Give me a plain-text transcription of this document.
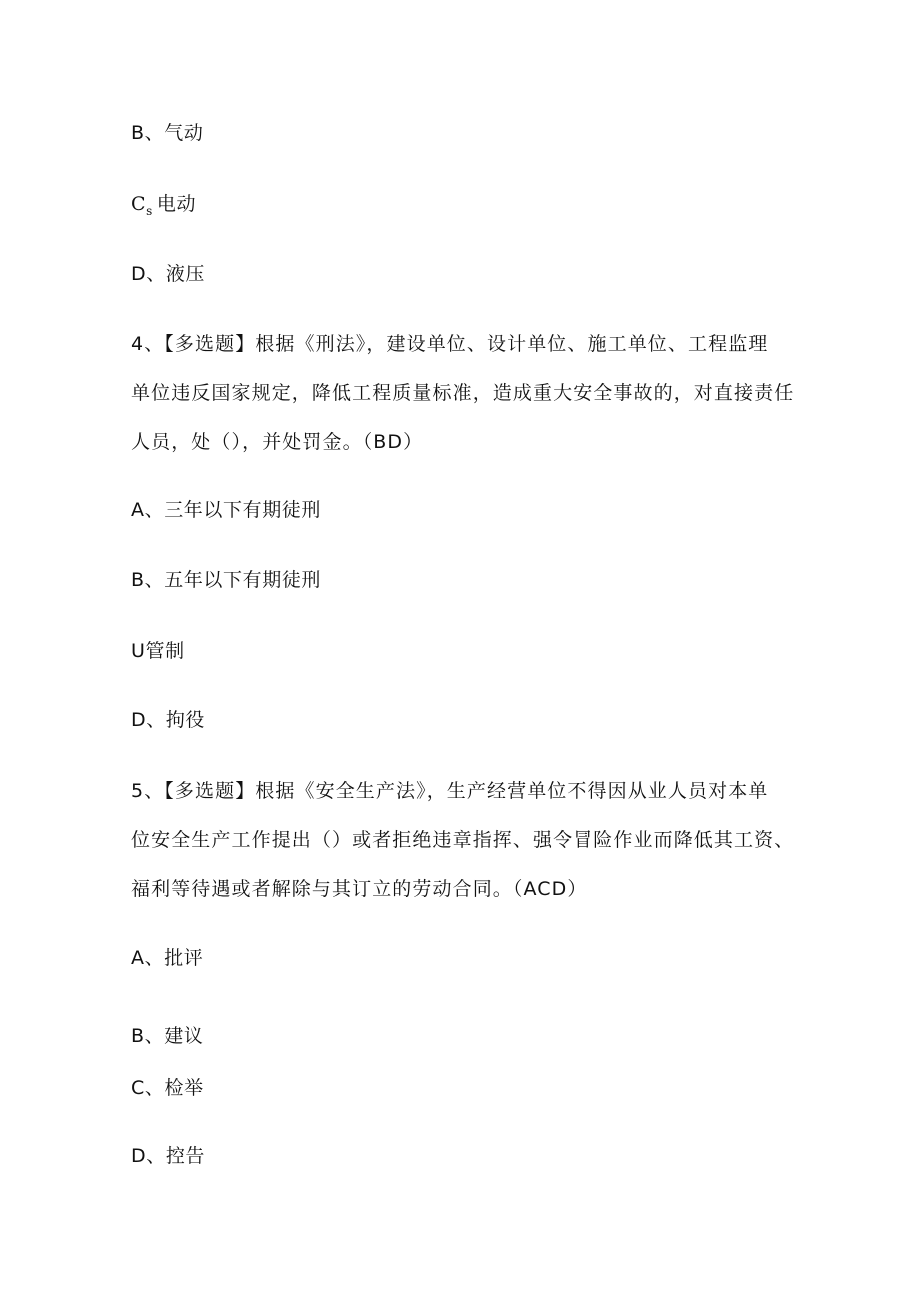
B、气动
$C_s$ 电动
D、液压
4、【多选题】根据《刑法》，建设单位、设计单位、施工单位、工程监理
单位违反国家规定，降低工程质量标准，造成重大安全事故的，对直接责任
人员，处（），并处罚金。（BD）
A、三年以下有期徒刑
B、五年以下有期徒刑
U管制
D、拘役
5、【多选题】根据《安全生产法》，生产经营单位不得因从业人员对本单
位安全生产工作提出（）或者拒绝违章指挥、强令冒险作业而降低其工资、
福利等待遇或者解除与其订立的劳动合同。（ACD）
A、批评
B、建议
C、检举
D、控告
